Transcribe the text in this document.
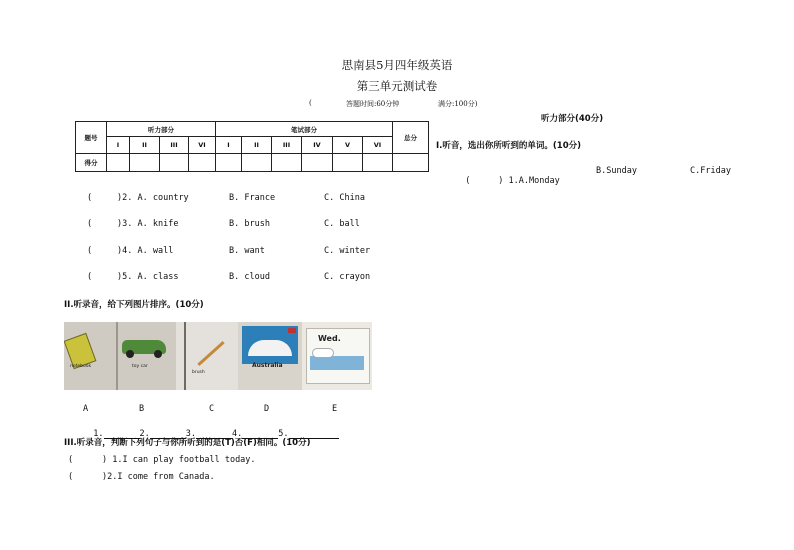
思南县5月四年级英语
第三单元测试卷
(	答题时间:60分钟	满分:100分)
题号	听力部分				笔试部分						总分
	I	II	III	VI	I	II	III	IV	V	VI	
得分											
听力部分(40分)
I.听音，选出你所听到的单词。(10分)

(	) 1.A.Monday

B.Sunday	C.Friday
(	)2. A. country	B. France	C. China
(	)3. A. knife	B. brush	C. ball
(	)4. A. wall	B. want	C. winter
(	)5. A. class	B. cloud	C. crayon
II.听录音，给下列图片排序。(10分)
notebook	toy car
brush
Australia
Wed.
A	B	C	D	E

1.	2.	3.	4.	5.

III.听录音，判断下列句子与你所听到的是(T)否(F)相同。(10分)
(	) 1.I can play football today.
(	)2.I come from Canada.
